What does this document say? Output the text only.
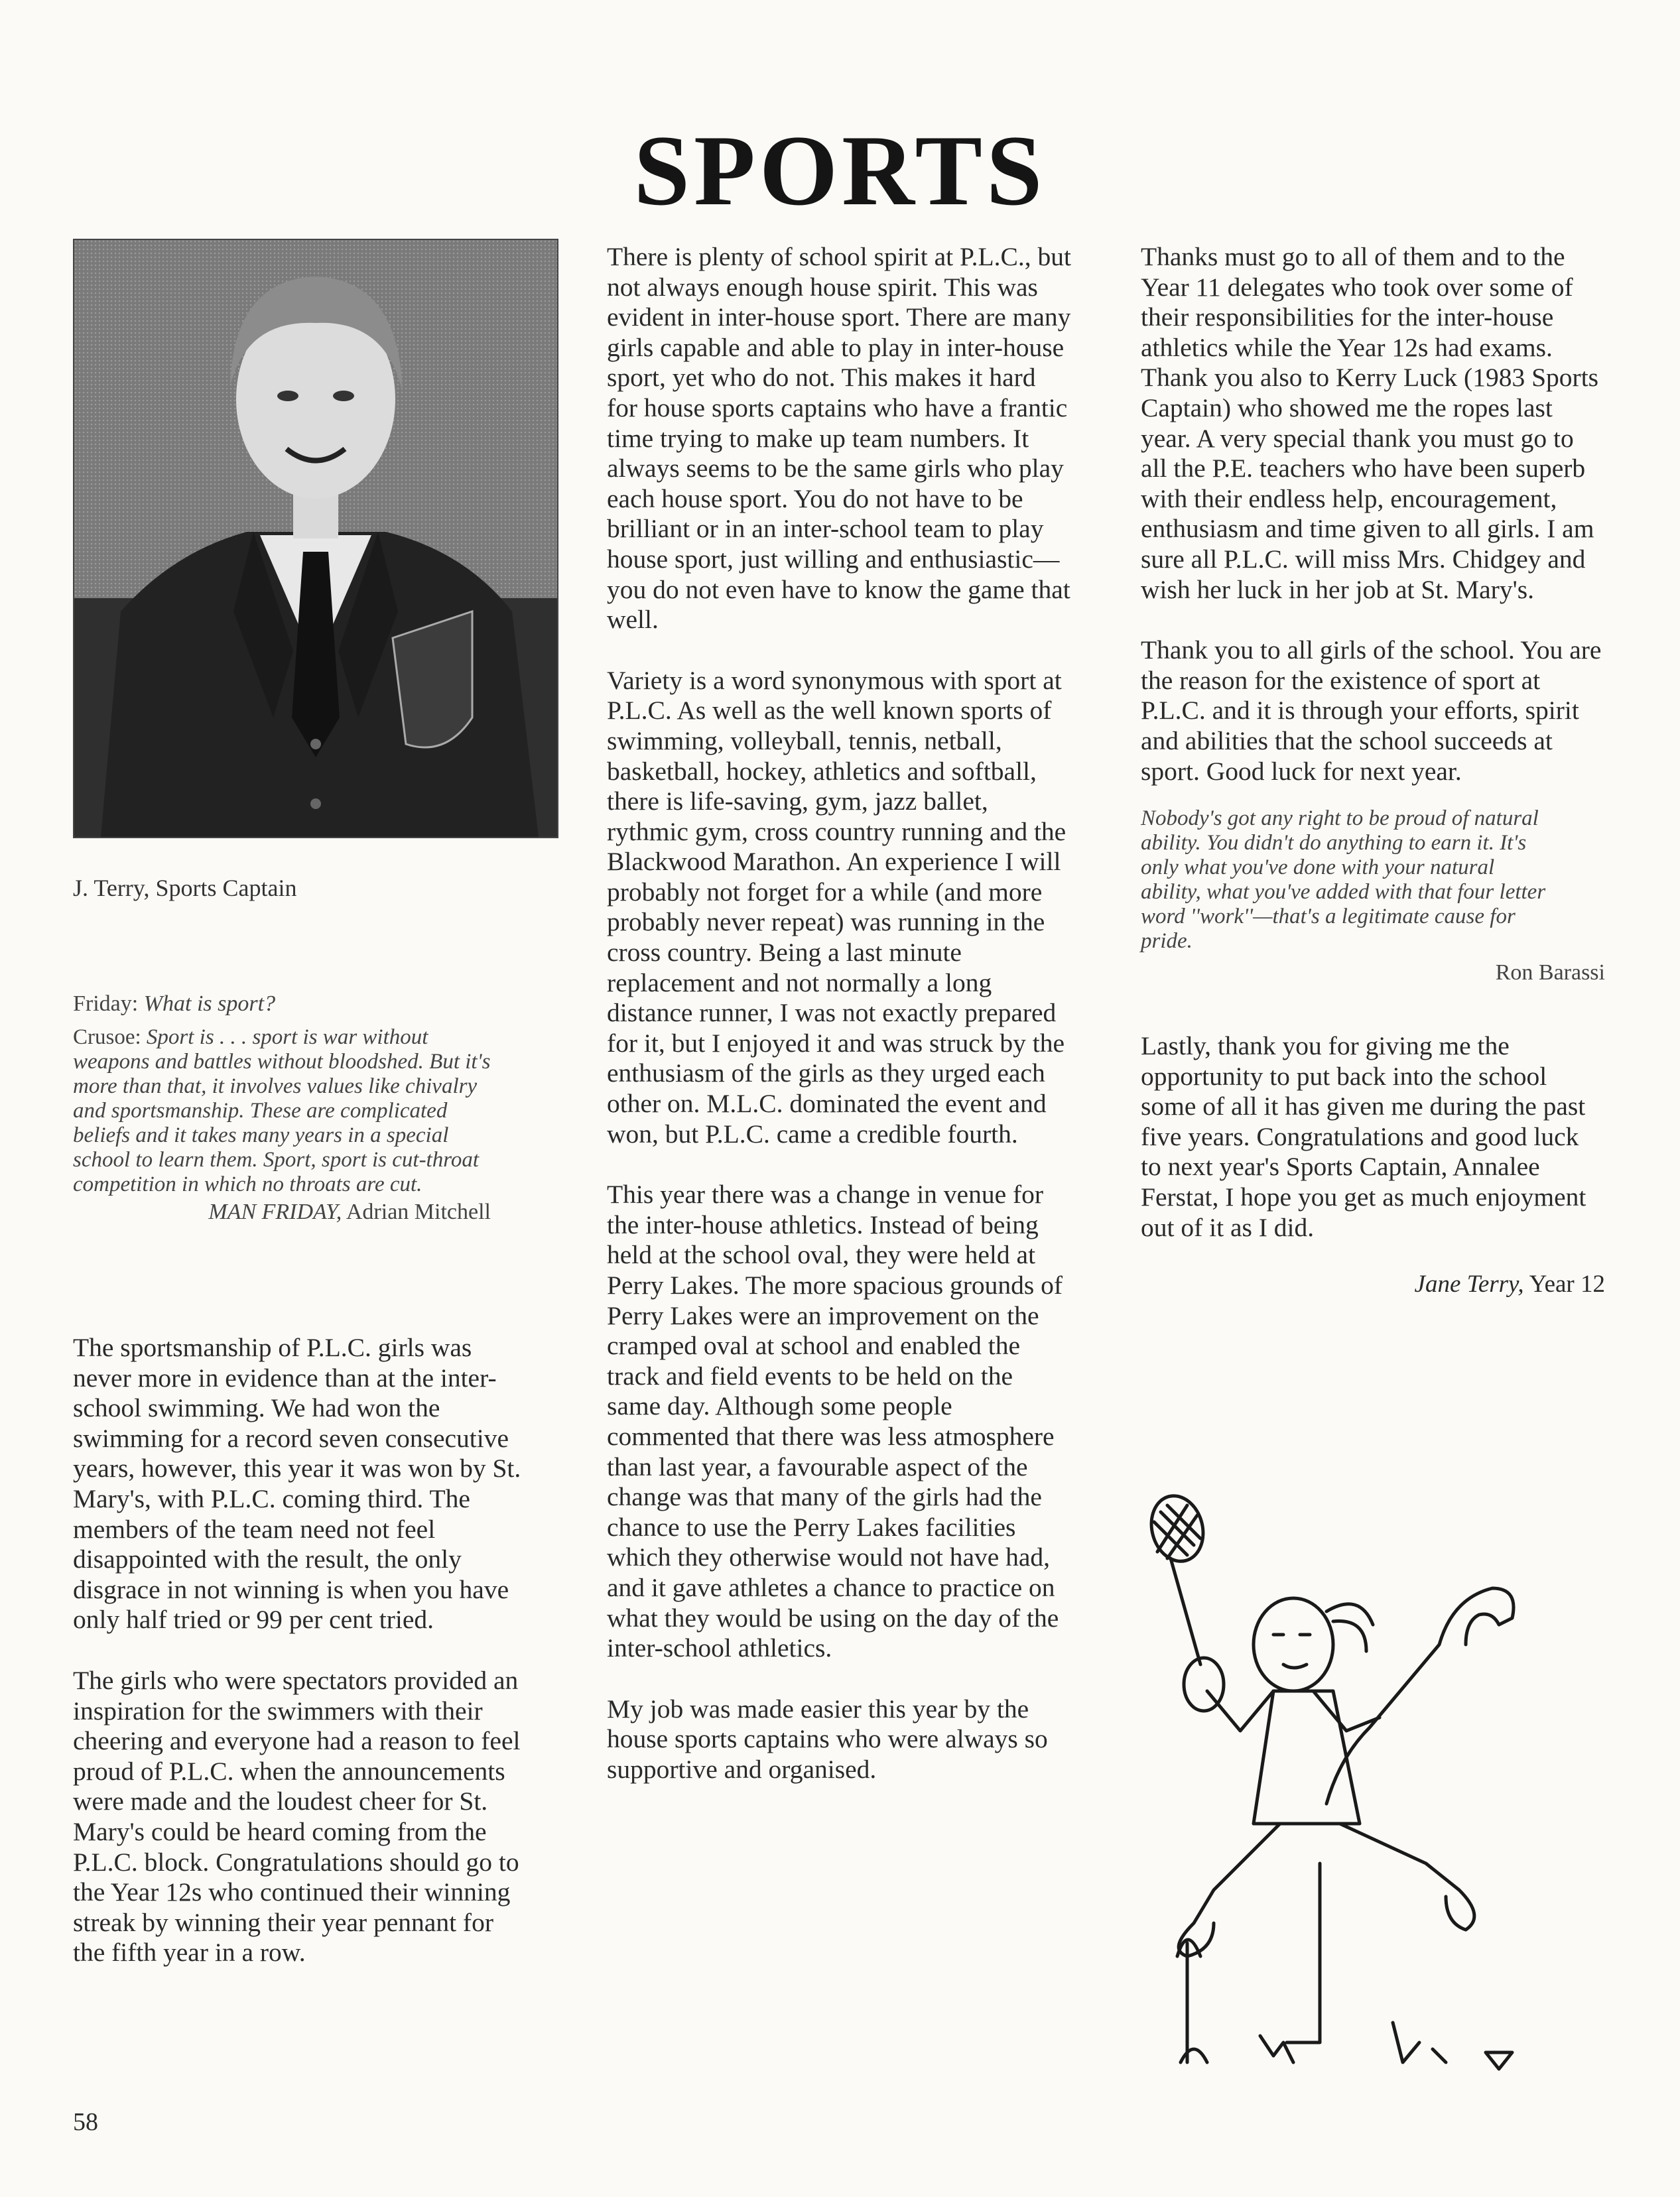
SPORTS
J. Terry, Sports Captain

Friday: What is sport?

Crusoe: Sport is . . . sport is war without weapons and battles without bloodshed. But it's more than that, it involves values like chivalry and sportsmanship. These are complicated beliefs and it takes many years in a special school to learn them. Sport, sport is cut-throat competition in which no throats are cut.

MAN FRIDAY, Adrian Mitchell

The sportsmanship of P.L.C. girls was never more in evidence than at the inter-school swimming. We had won the swimming for a record seven consecutive years, however, this year it was won by St. Mary's, with P.L.C. coming third. The members of the team need not feel disappointed with the result, the only disgrace in not winning is when you have only half tried or 99 per cent tried.

The girls who were spectators provided an inspiration for the swimmers with their cheering and everyone had a reason to feel proud of P.L.C. when the announcements were made and the loudest cheer for St. Mary's could be heard coming from the P.L.C. block. Congratulations should go to the Year 12s who continued their winning streak by winning their year pennant for the fifth year in a row.

There is plenty of school spirit at P.L.C., but not always enough house spirit. This was evident in inter-house sport. There are many girls capable and able to play in inter-house sport, yet who do not. This makes it hard for house sports captains who have a frantic time trying to make up team numbers. It always seems to be the same girls who play each house sport. You do not have to be brilliant or in an inter-school team to play house sport, just willing and enthusiastic—you do not even have to know the game that well.

Variety is a word synonymous with sport at P.L.C. As well as the well known sports of swimming, volleyball, tennis, netball, basketball, hockey, athletics and softball, there is life-saving, gym, jazz ballet, rythmic gym, cross country running and the Blackwood Marathon. An experience I will probably not forget for a while (and more probably never repeat) was running in the cross country. Being a last minute replacement and not normally a long distance runner, I was not exactly prepared for it, but I enjoyed it and was struck by the enthusiasm of the girls as they urged each other on. M.L.C. dominated the event and won, but P.L.C. came a credible fourth.

This year there was a change in venue for the inter-house athletics. Instead of being held at the school oval, they were held at Perry Lakes. The more spacious grounds of Perry Lakes were an improvement on the cramped oval at school and enabled the track and field events to be held on the same day. Although some people commented that there was less atmosphere than last year, a favourable aspect of the change was that many of the girls had the chance to use the Perry Lakes facilities which they otherwise would not have had, and it gave athletes a chance to practice on what they would be using on the day of the inter-school athletics.

My job was made easier this year by the house sports captains who were always so supportive and organised.

Thanks must go to all of them and to the Year 11 delegates who took over some of their responsibilities for the inter-house athletics while the Year 12s had exams. Thank you also to Kerry Luck (1983 Sports Captain) who showed me the ropes last year. A very special thank you must go to all the P.E. teachers who have been superb with their endless help, encouragement, enthusiasm and time given to all girls. I am sure all P.L.C. will miss Mrs. Chidgey and wish her luck in her job at St. Mary's.

Thank you to all girls of the school. You are the reason for the existence of sport at P.L.C. and it is through your efforts, spirit and abilities that the school succeeds at sport. Good luck for next year.

Nobody's got any right to be proud of natural ability. You didn't do anything to earn it. It's only what you've done with your natural ability, what you've added with that four letter word ''work''—that's a legitimate cause for pride.

Ron Barassi

Lastly, thank you for giving me the opportunity to put back into the school some of all it has given me during the past five years. Congratulations and good luck to next year's Sports Captain, Annalee Ferstat, I hope you get as much enjoyment out of it as I did.

Jane Terry, Year 12

58
